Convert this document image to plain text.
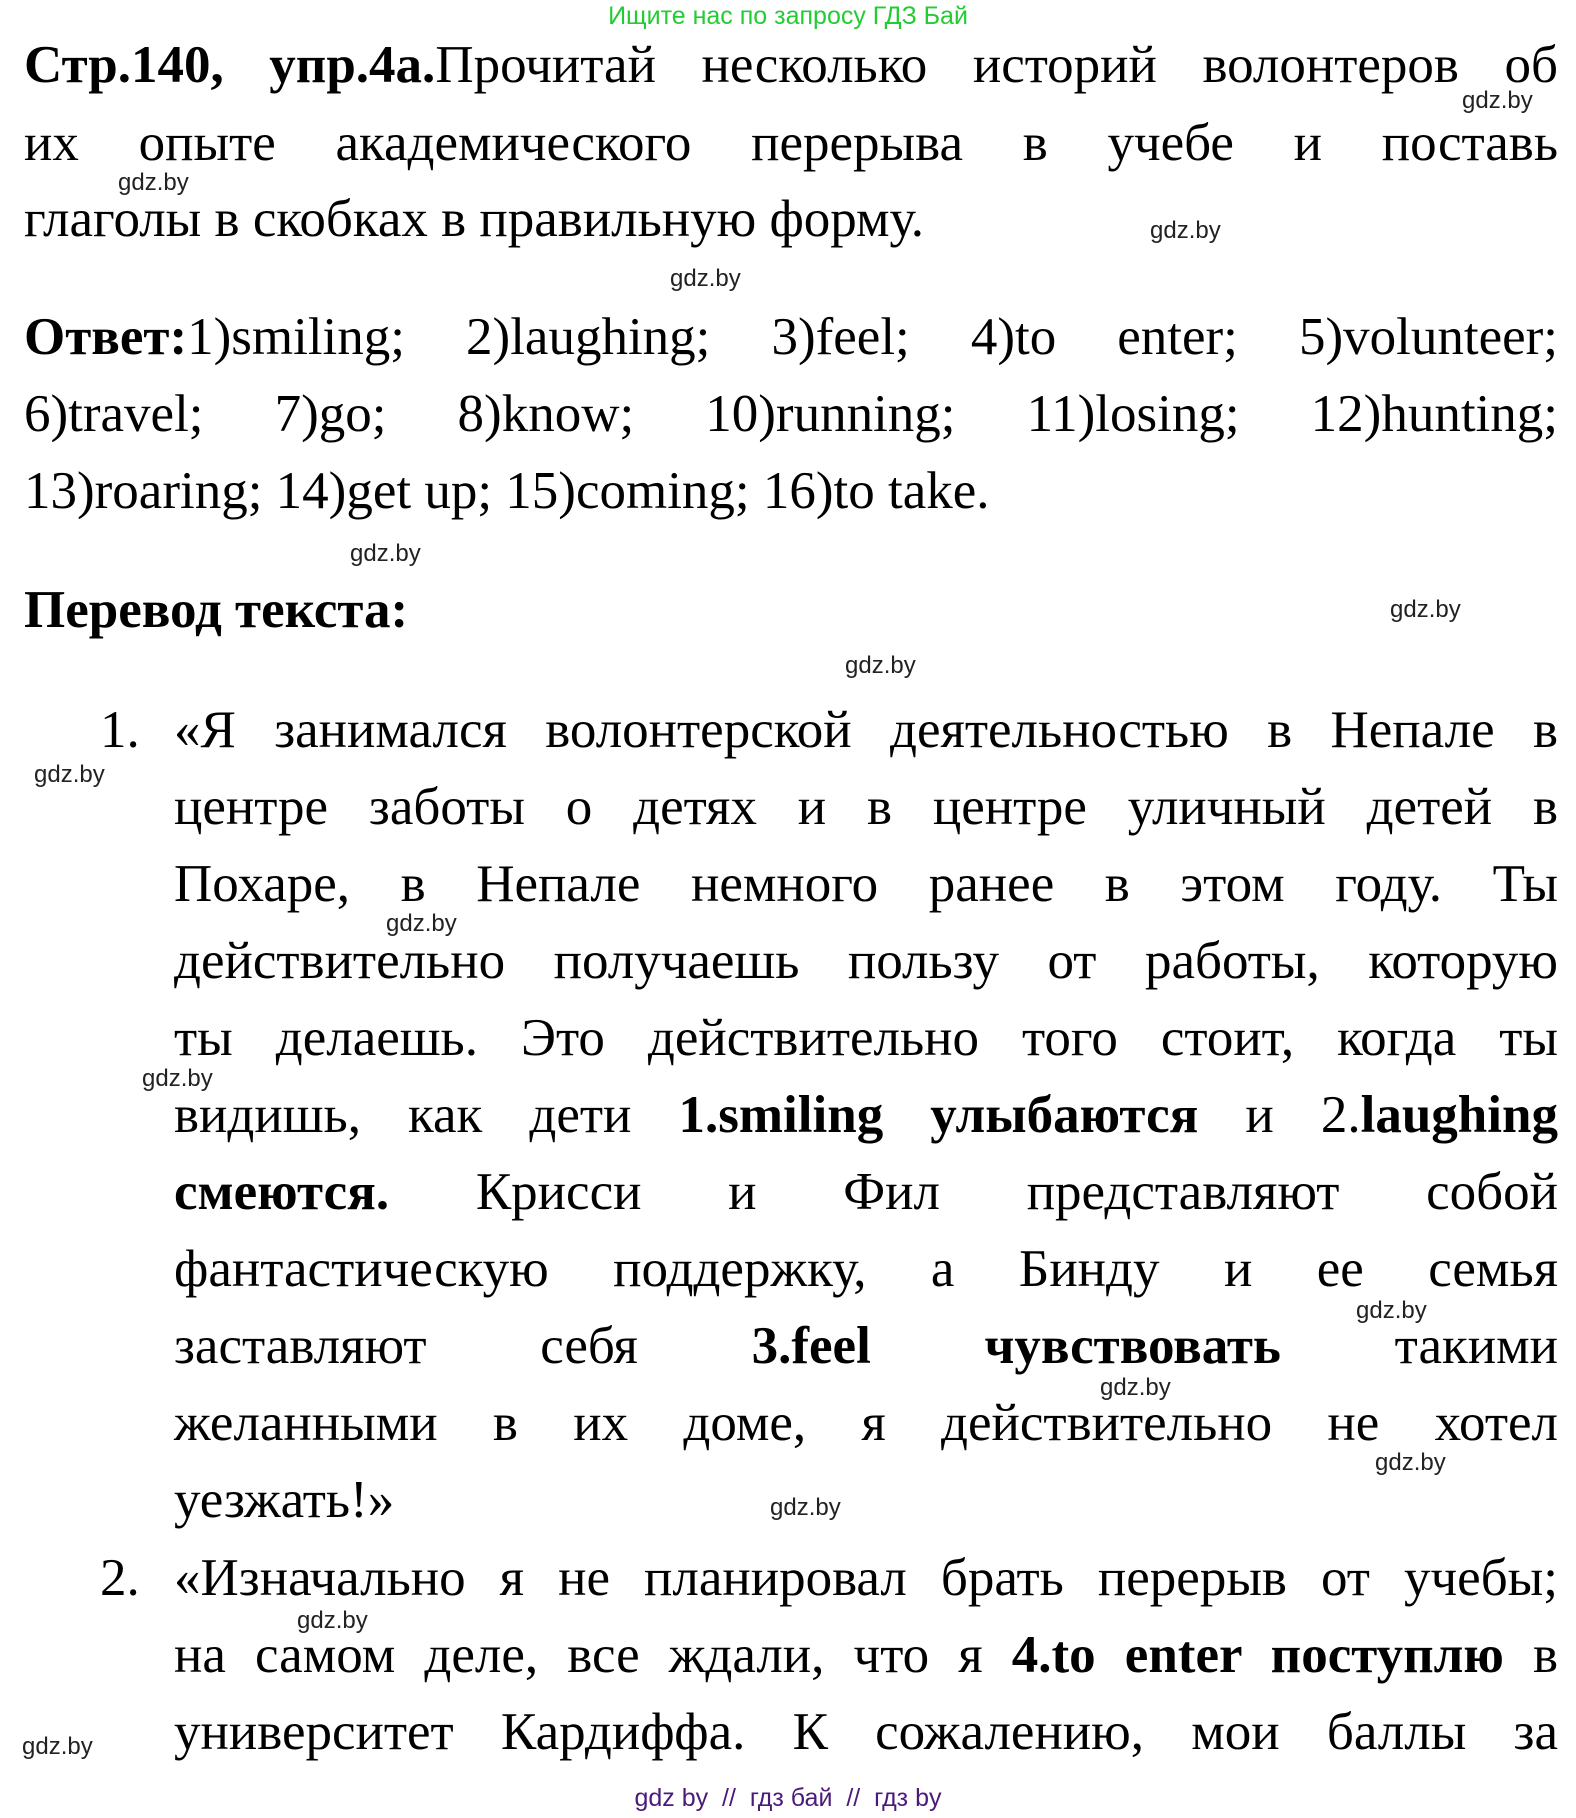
Ищите нас по запросу ГДЗ Бай
Стр.140, упр.4а.Прочитай несколько историй волонтеров об
их опыте академического перерыва в учебе и поставь
глаголы в скобках в правильную форму.
Ответ:1)smiling; 2)laughing; 3)feel; 4)to enter; 5)volunteer;
6)travel; 7)go; 8)know; 10)running; 11)losing; 12)hunting;
13)roaring; 14)get up; 15)coming; 16)to take.
Перевод текста:
1. «Я занимался волонтерской деятельностью в Непале в
центре заботы о детях и в центре уличный детей в
Похаре, в Непале немного ранее в этом году. Ты
действительно получаешь пользу от работы, которую
ты делаешь. Это действительно того стоит, когда ты
видишь, как дети 1.smiling улыбаются и 2.laughing
смеются. Крисси и Фил представляют собой
фантастическую поддержку, а Бинду и ее семья
заставляют себя 3.feel чувствовать такими
желанными в их доме, я действительно не хотел
уезжать!»
2. «Изначально я не планировал брать перерыв от учебы;
на самом деле, все ждали, что я 4.to enter поступлю в
университет Кардиффа. К сожалению, мои баллы за
gdz.by
gdz.by
gdz.by
gdz.by
gdz.by
gdz.by
gdz.by
gdz.by
gdz.by
gdz.by
gdz.by
gdz.by
gdz.by
gdz.by
gdz.by
gdz.by
gdz by  //  гдз бай  //  гдз by
